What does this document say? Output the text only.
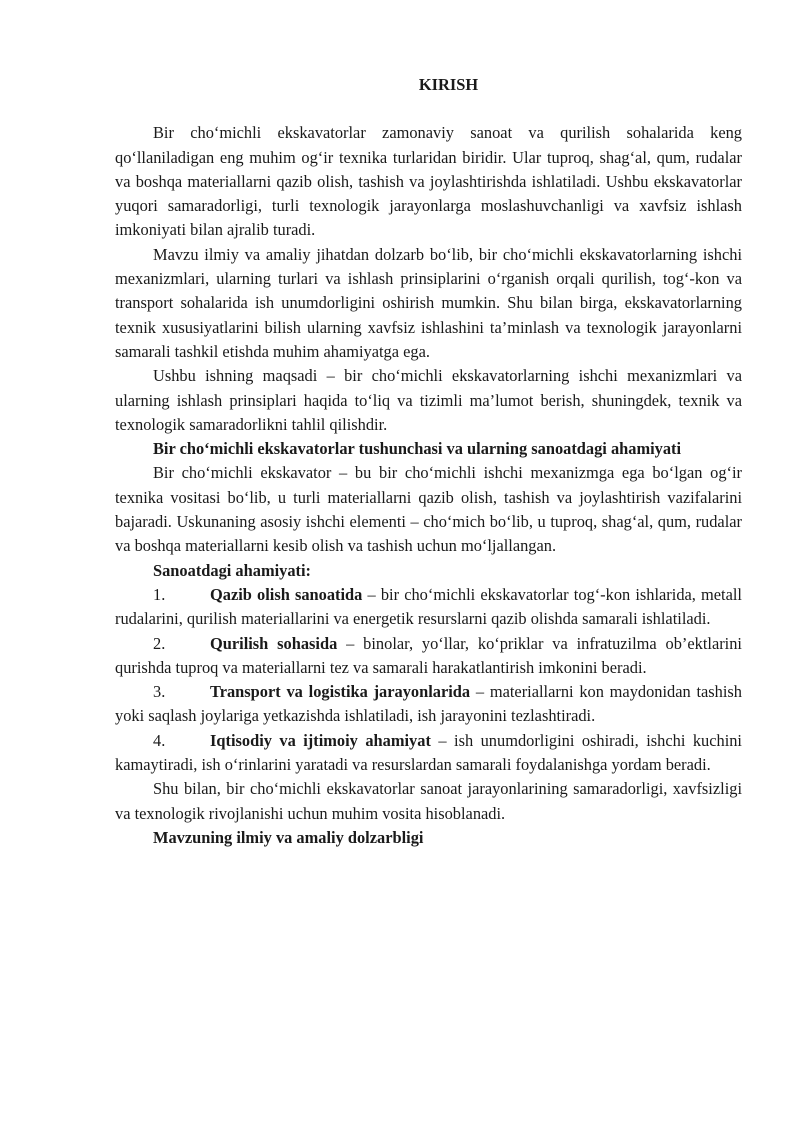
KIRISH

Bir cho‘michli ekskavatorlar zamonaviy sanoat va qurilish sohalarida keng qo‘llaniladigan eng muhim og‘ir texnika turlaridan biridir. Ular tuproq, shag‘al, qum, rudalar va boshqa materiallarni qazib olish, tashish va joylashtirishda ishlatiladi. Ushbu ekskavatorlar yuqori samaradorligi, turli texnologik jarayonlarga moslashuvchanligi va xavfsiz ishlash imkoniyati bilan ajralib turadi.

Mavzu ilmiy va amaliy jihatdan dolzarb bo‘lib, bir cho‘michli ekskavatorlarning ishchi mexanizmlari, ularning turlari va ishlash prinsiplarini o‘rganish orqali qurilish, tog‘-kon va transport sohalarida ish unumdorligini oshirish mumkin. Shu bilan birga, ekskavatorlarning texnik xususiyatlarini bilish ularning xavfsiz ishlashini ta’minlash va texnologik jarayonlarni samarali tashkil etishda muhim ahamiyatga ega.

Ushbu ishning maqsadi – bir cho‘michli ekskavatorlarning ishchi mexanizmlari va ularning ishlash prinsiplari haqida to‘liq va tizimli ma’lumot berish, shuningdek, texnik va texnologik samaradorlikni tahlil qilishdir.

Bir cho‘michli ekskavatorlar tushunchasi va ularning sanoatdagi ahamiyati

Bir cho‘michli ekskavator – bu bir cho‘michli ishchi mexanizmga ega bo‘lgan og‘ir texnika vositasi bo‘lib, u turli materiallarni qazib olish, tashish va joylashtirish vazifalarini bajaradi. Uskunaning asosiy ishchi elementi – cho‘mich bo‘lib, u tuproq, shag‘al, qum, rudalar va boshqa materiallarni kesib olish va tashish uchun mo‘ljallangan.

Sanoatdagi ahamiyati:

1.	Qazib olish sanoatida – bir cho‘michli ekskavatorlar tog‘-kon ishlarida, metall rudalarini, qurilish materiallarini va energetik resurslarni qazib olishda samarali ishlatiladi.

2.	Qurilish sohasida – binolar, yo‘llar, ko‘priklar va infratuzilma ob’ektlarini qurishda tuproq va materiallarni tez va samarali harakatlantirish imkonini beradi.

3.	Transport va logistika jarayonlarida – materiallarni kon maydonidan tashish yoki saqlash joylariga yetkazishda ishlatiladi, ish jarayonini tezlashtiradi.

4.	Iqtisodiy va ijtimoiy ahamiyat – ish unumdorligini oshiradi, ishchi kuchini kamaytiradi, ish o‘rinlarini yaratadi va resurslardan samarali foydalanishga yordam beradi.

Shu bilan, bir cho‘michli ekskavatorlar sanoat jarayonlarining samaradorligi, xavfsizligi va texnologik rivojlanishi uchun muhim vosita hisoblanadi.

Mavzuning ilmiy va amaliy dolzarbligi
